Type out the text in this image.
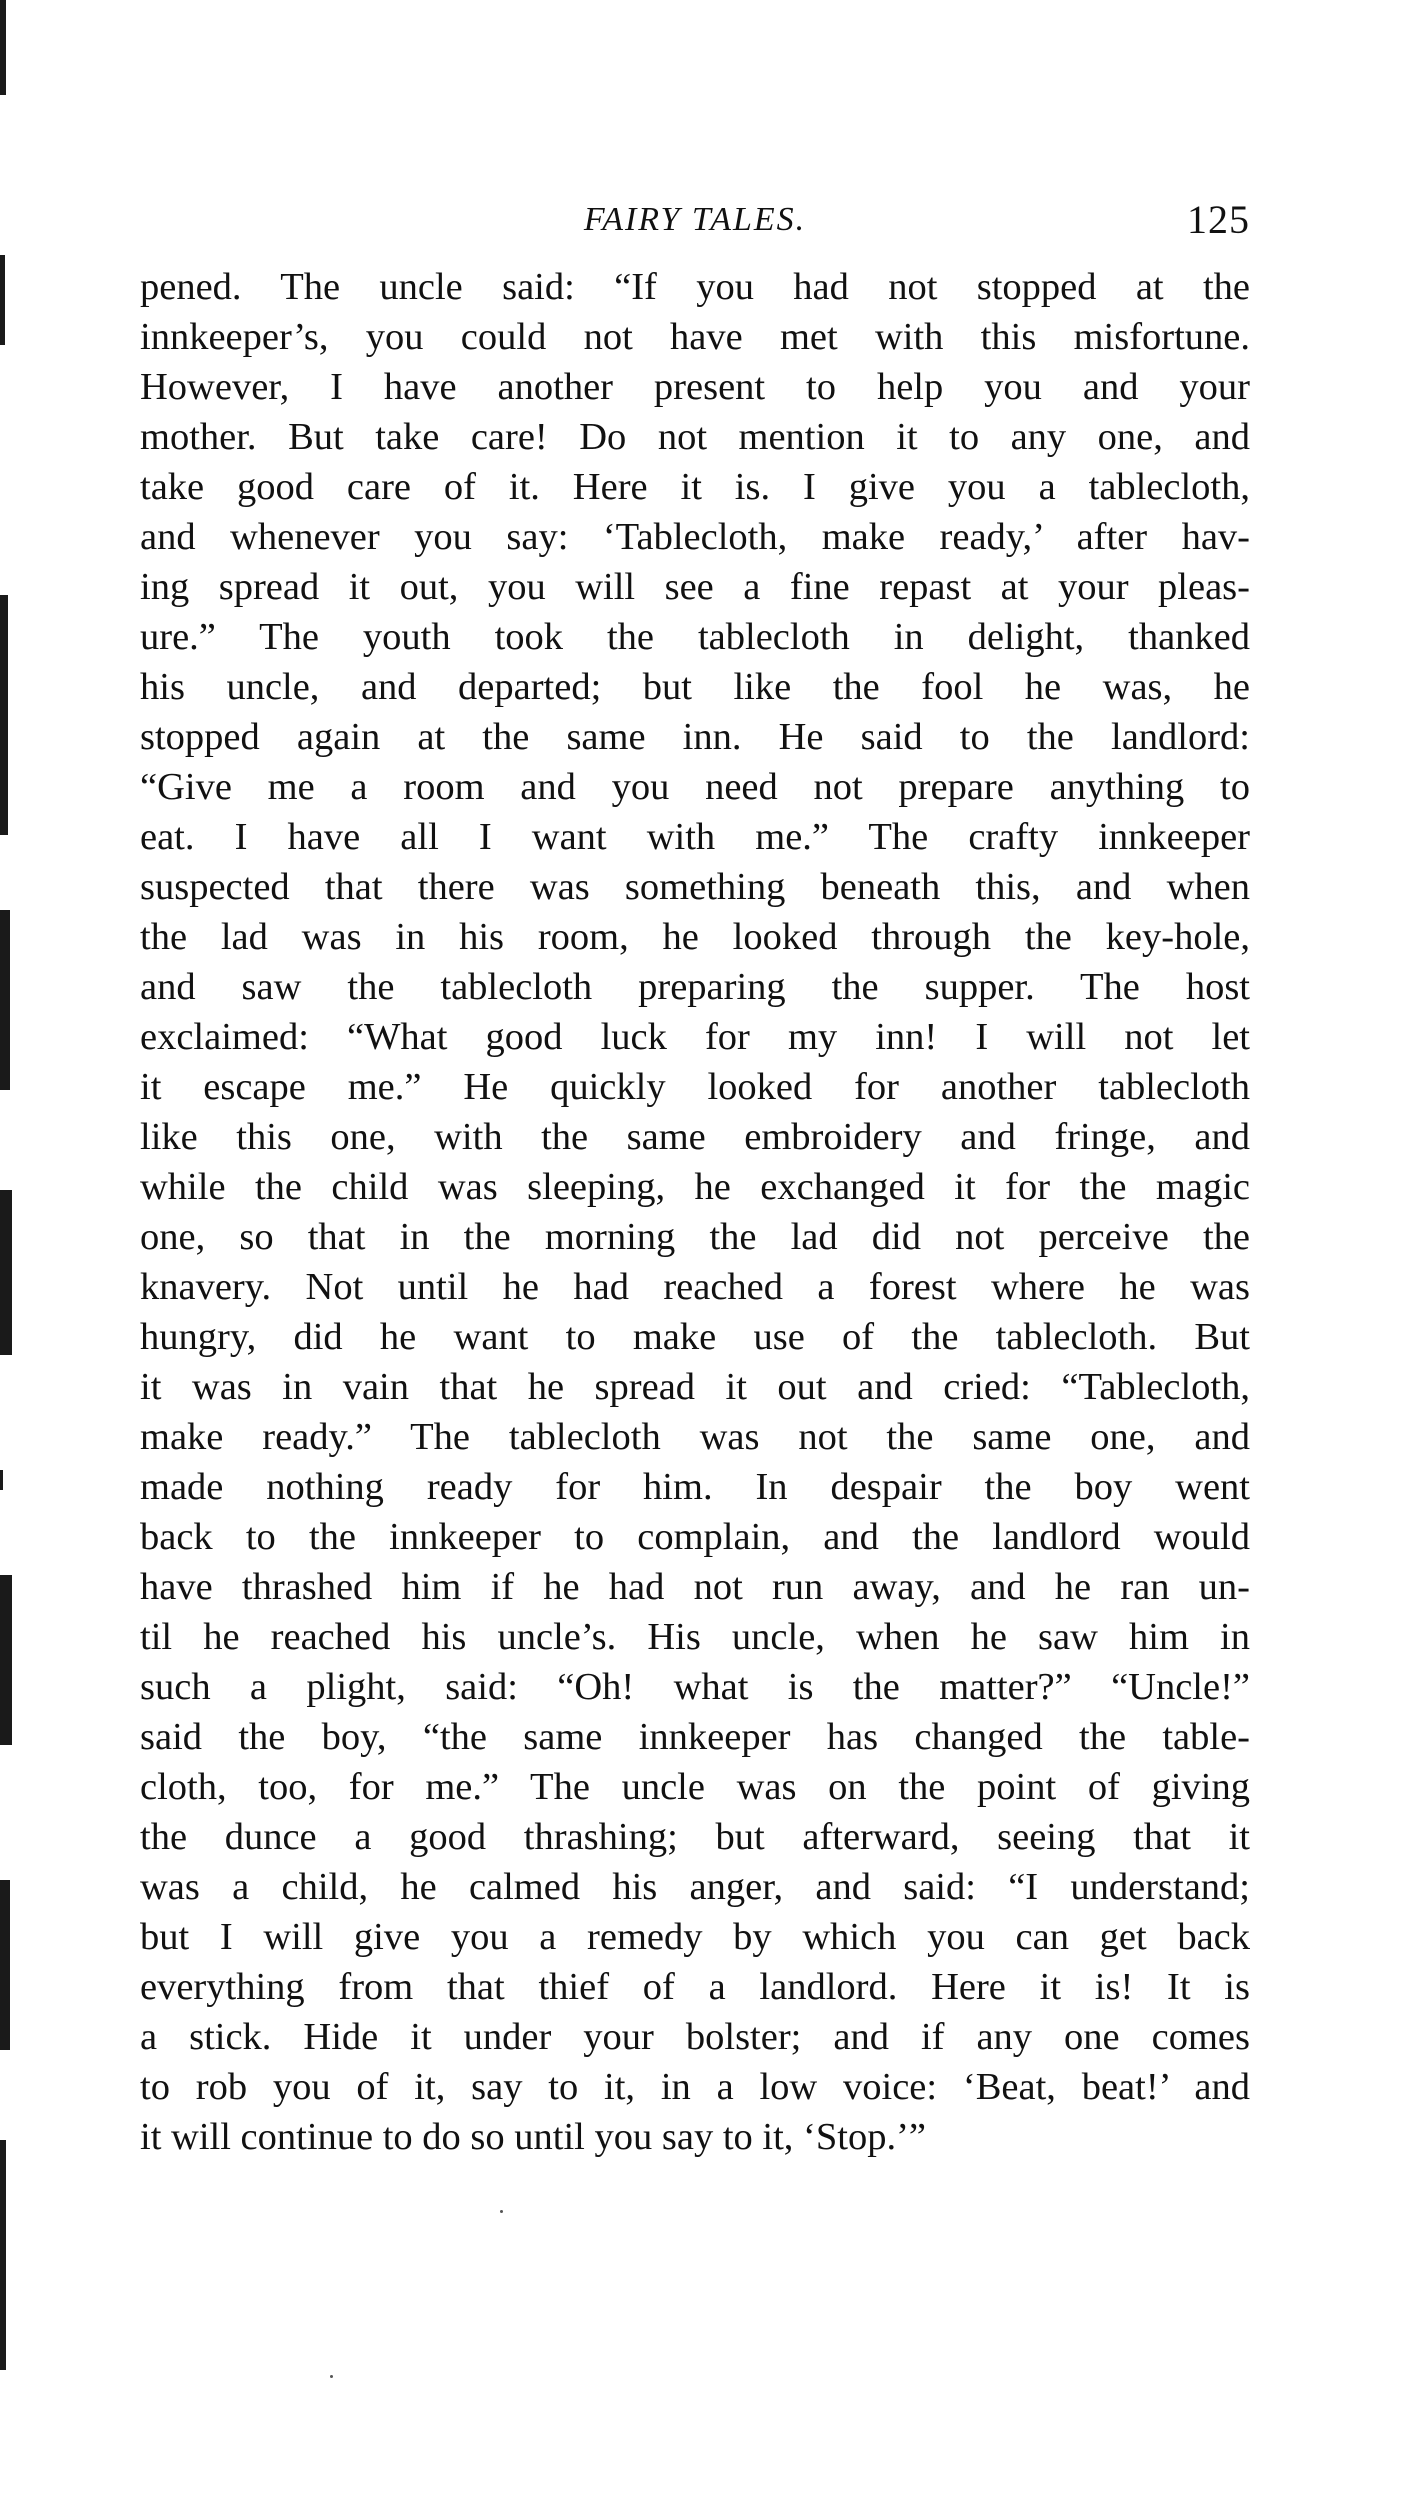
FAIRY TALES.	125
pened. The uncle said: “If you had not stopped at the
innkeeper’s, you could not have met with this misfortune.
However, I have another present to help you and your
mother. But take care! Do not mention it to any one, and
take good care of it. Here it is. I give you a tablecloth,
and whenever you say: ‘Tablecloth, make ready,’ after hav-
ing spread it out, you will see a fine repast at your pleas-
ure.” The youth took the tablecloth in delight, thanked
his uncle, and departed; but like the fool he was, he
stopped again at the same inn. He said to the landlord:
“Give me a room and you need not prepare anything to
eat. I have all I want with me.” The crafty innkeeper
suspected that there was something beneath this, and when
the lad was in his room, he looked through the key-hole,
and saw the tablecloth preparing the supper. The host
exclaimed: “What good luck for my inn! I will not let
it escape me.” He quickly looked for another tablecloth
like this one, with the same embroidery and fringe, and
while the child was sleeping, he exchanged it for the magic
one, so that in the morning the lad did not perceive the
knavery. Not until he had reached a forest where he was
hungry, did he want to make use of the tablecloth. But
it was in vain that he spread it out and cried: “Tablecloth,
make ready.” The tablecloth was not the same one, and
made nothing ready for him. In despair the boy went
back to the innkeeper to complain, and the landlord would
have thrashed him if he had not run away, and he ran un-
til he reached his uncle’s. His uncle, when he saw him in
such a plight, said: “Oh! what is the matter?” “Uncle!”
said the boy, “the same innkeeper has changed the table-
cloth, too, for me.” The uncle was on the point of giving
the dunce a good thrashing; but afterward, seeing that it
was a child, he calmed his anger, and said: “I understand;
but I will give you a remedy by which you can get back
everything from that thief of a landlord. Here it is! It is
a stick. Hide it under your bolster; and if any one comes
to rob you of it, say to it, in a low voice: ‘Beat, beat!’ and
it will continue to do so until you say to it, ‘Stop.’”
